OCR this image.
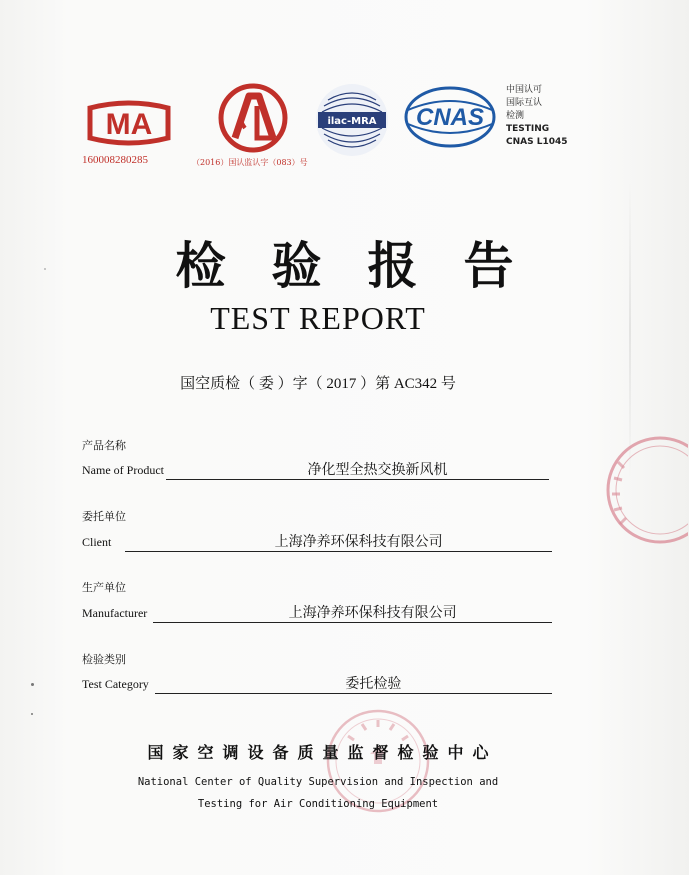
MA
160008280285
CAL
（2016）国认监认字（083）号
ilac-MRA CNAS
中国认可
国际互认
检测
TESTING
CNAS L1045
检验报告
TEST REPORT
国空质检（ 委 ）字（ 2017 ）第 AC342 号
产品名称
Name of Product	净化型全热交换新风机
委托单位
Client	上海净养环保科技有限公司
生产单位
Manufacturer	上海净养环保科技有限公司
检验类别
Test Category	委托检验
国家空调设备质量监督检验中心
National Center of Quality Supervision and Inspection and
Testing for Air Conditioning Equipment
